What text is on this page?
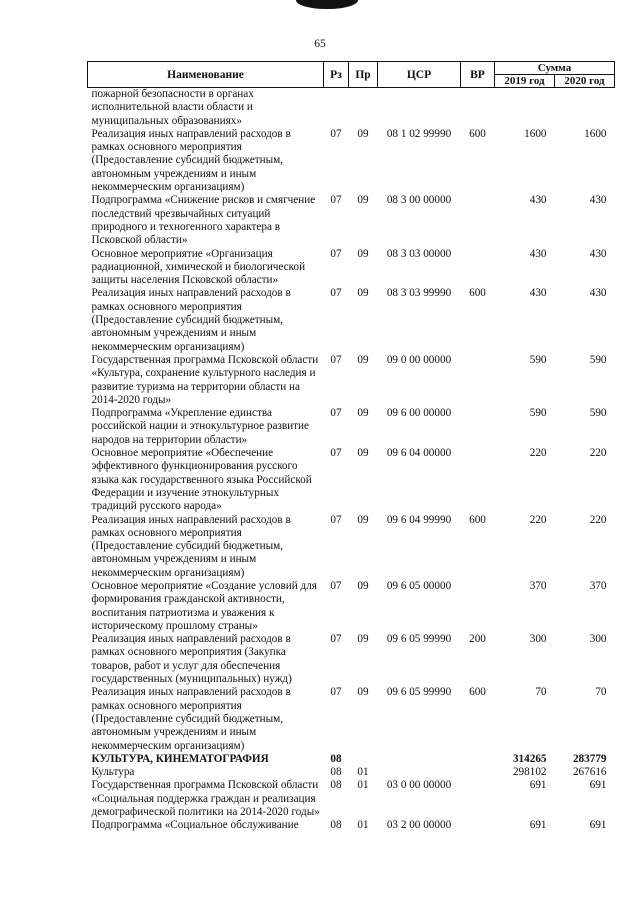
65
Наименование	Рз	Пр	ЦСР	ВР	Сумма	
					2019 год	2020 год
пожарной безопасности в органах исполнительной власти области и муниципальных образованиях»						
Реализация иных направлений расходов в рамках основного мероприятия (Предоставление субсидий бюджетным, автономным учреждениям и иным некоммерческим организациям)	07	09	08 1 02 99990	600	1600	1600
Подпрограмма «Снижение рисков и смягчение последствий чрезвычайных ситуаций природного и техногенного характера в Псковской области»	07	09	08 3 00 00000		430	430
Основное мероприятие «Организация радиационной, химической и биологической защиты населения Псковской области»	07	09	08 3 03 00000		430	430
Реализация иных направлений расходов в рамках основного мероприятия (Предоставление субсидий бюджетным, автономным учреждениям и иным некоммерческим организациям)	07	09	08 3 03 99990	600	430	430
Государственная программа Псковской области «Культура, сохранение культурного наследия и развитие туризма на территории области на 2014-2020 годы»	07	09	09 0 00 00000		590	590
Подпрограмма «Укрепление единства российской нации и этнокультурное развитие народов на территории области»	07	09	09 6 00 00000		590	590
Основное мероприятие «Обеспечение эффективного функционирования русского языка как государственного языка Российской Федерации и изучение этнокультурных традиций русского народа»	07	09	09 6 04 00000		220	220
Реализация иных направлений расходов в рамках основного мероприятия (Предоставление субсидий бюджетным, автономным учреждениям и иным некоммерческим организациям)	07	09	09 6 04 99990	600	220	220
Основное мероприятие «Создание условий для формирования гражданской активности, воспитания патриотизма и уважения к историческому прошлому страны»	07	09	09 6 05 00000		370	370
Реализация иных направлений расходов в рамках основного мероприятия (Закупка товаров, работ и услуг для обеспечения государственных (муниципальных) нужд)	07	09	09 6 05 99990	200	300	300
Реализация иных направлений расходов в рамках основного мероприятия (Предоставление субсидий бюджетным, автономным учреждениям и иным некоммерческим организациям)	07	09	09 6 05 99990	600	70	70
КУЛЬТУРА, КИНЕМАТОГРАФИЯ	08				314265	283779
Культура	08	01			298102	267616
Государственная программа Псковской области «Социальная поддержка граждан и реализация демографической политики на 2014-2020 годы»	08	01	03 0 00 00000		691	691
Подпрограмма «Социальное обслуживание	08	01	03 2 00 00000		691	691
